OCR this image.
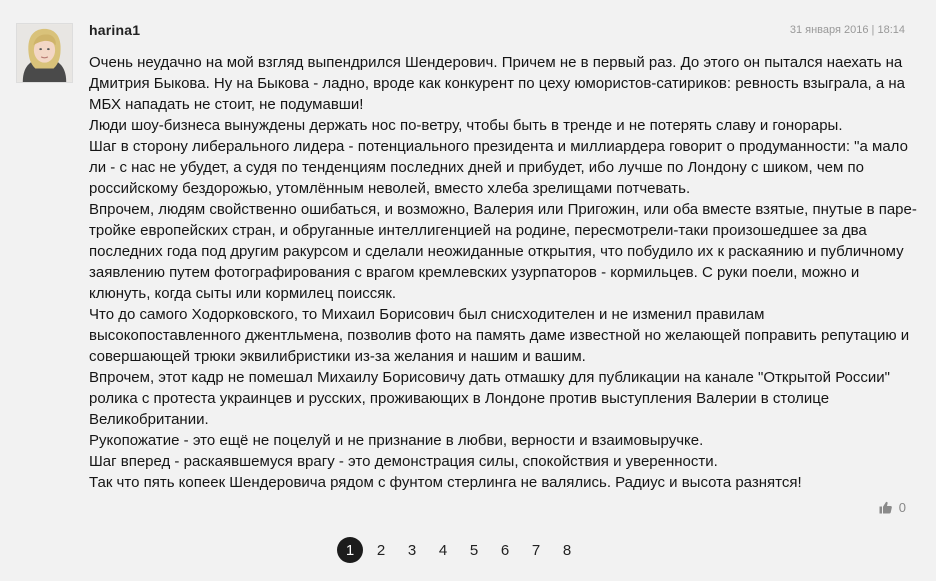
harina1	31 января 2016 | 18:14

Очень неудачно на мой взгляд выпендрился Шендерович. Причем не в первый раз. До этого он пытался наехать на Дмитрия Быкова. Ну на Быкова - ладно, вроде как конкурент по цеху юмористов-сатириков: ревность взыграла, а на МБХ нападать не стоит, не подумавши!

Люди шоу-бизнеса вынуждены держать нос по-ветру, чтобы быть в тренде и не потерять славу и гонорары.

Шаг в сторону либерального лидера - потенциального президента и миллиардера говорит о продуманности: "а мало ли - с нас не убудет, а судя по тенденциям последних дней и прибудет, ибо лучше по Лондону с шиком, чем по российскому бездорожью, утомлённым неволей, вместо хлеба зрелищами потчевать.

Впрочем, людям свойственно ошибаться, и возможно, Валерия или Пригожин, или оба вместе взятые, пнутые в паре-тройке европейских стран, и обруганные интеллигенцией на родине, пересмотрели-таки произошедшее за два последних года под другим ракурсом и сделали неожиданные открытия, что побудило их к раскаянию и публичному заявлению путем фотографирования с врагом кремлевских узурпаторов - кормильцев. С руки поели, можно и клюнуть, когда сыты или кормилец поиссяк.

Что до самого Ходорковского, то Михаил Борисович был снисходителен и не изменил правилам высокопоставленного джентльмена, позволив фото на память даме известной но желающей поправить репутацию и совершающей трюки эквилибристики из-за желания и нашим и вашим.

Впрочем, этот кадр не помешал Михаилу Борисовичу дать отмашку для публикации на канале "Открытой России" ролика с протеста украинцев и русских, проживающих в Лондоне против выступления Валерии в столице Великобритании.

Рукопожатие - это ещё не поцелуй и не признание в любви, верности и взаимовыручке.

Шаг вперед - раскаявшемуся врагу - это демонстрация силы, спокойствия и уверенности.

Так что пять копеек Шендеровича рядом с фунтом стерлинга не валялись. Радиус и высота разнятся!

0
1	2	3	4	5	6	7	8
